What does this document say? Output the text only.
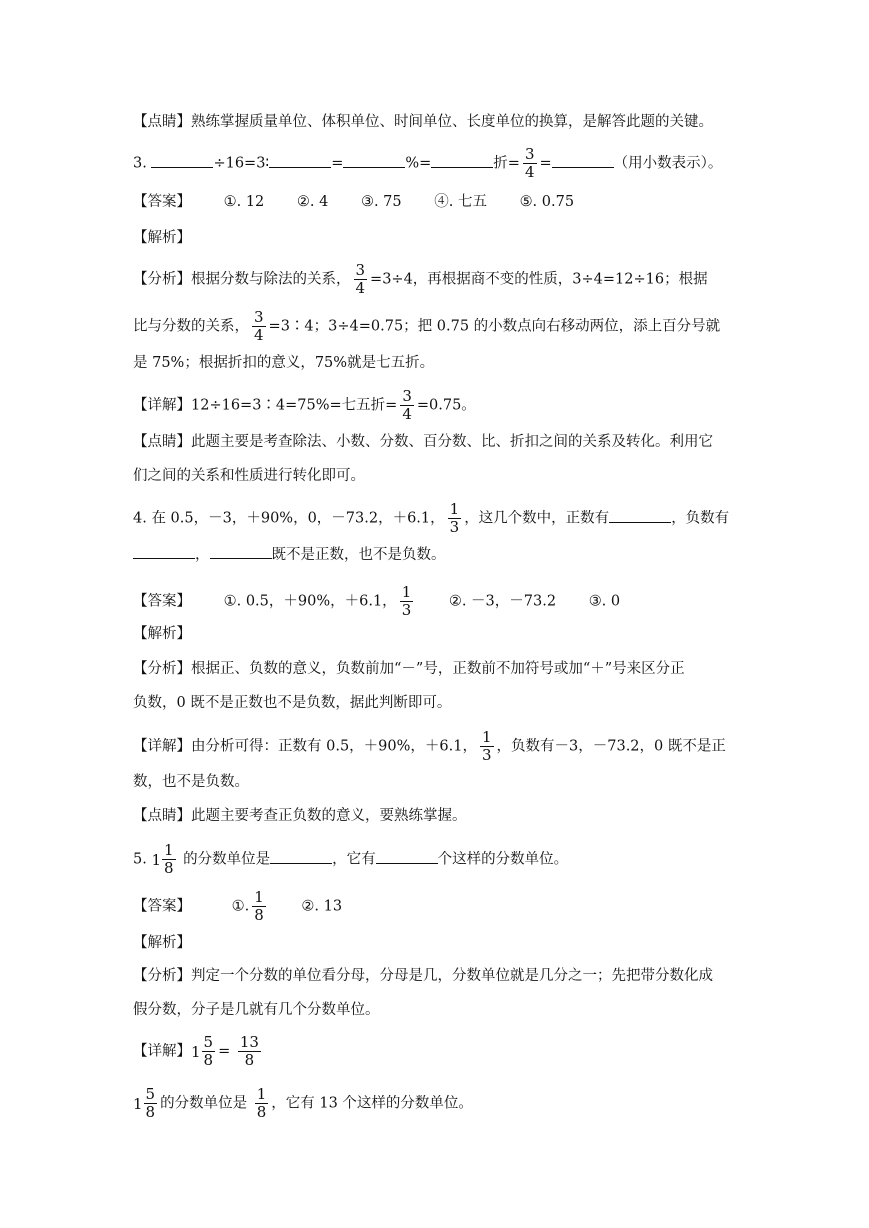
【点睛】熟练掌握质量单位、体积单位、时间单位、长度单位的换算，是解答此题的关键。
3.	÷16=3∶	=	%=	折= $\frac{3}{4}$ =	（用小数表示）。
【答案】 ①. 12 ②. 4 ③. 75 ④. 七五 ⑤. 0.75
【解析】
【分析】根据分数与除法的关系， $\frac{3}{4} =3\div 4$，再根据商不变的性质，3÷4=12÷16；根据
比与分数的关系， $\frac{3}{4}$ =3∶4；3÷4=0.75；把 0.75 的小数点向右移动两位，添上百分号就
是 75%；根据折扣的意义，75%就是七五折。
【详解】12÷16=3∶4=75%=七五折= $\frac{3}{4} =0.75$。
【点睛】此题主要是考查除法、小数、分数、百分数、比、折扣之间的关系及转化。利用它
们之间的关系和性质进行转化即可。
4. 在 0.5，－3，＋90%，0，－73.2，＋6.1， $\frac{1}{3}$ ，这几个数中，正数有	，负数有
，	既不是正数，也不是负数。
【答案】 ①. 0.5，＋90%，＋6.1， $\frac{1}{3}$ ②. －3，－73.2 ③. 0
【解析】
【分析】根据正、负数的意义，负数前加“－”号，正数前不加符号或加“＋”号来区分正
负数，0 既不是正数也不是负数，据此判断即可。
【详解】由分析可得：正数有 0.5，＋90%，＋6.1， $\frac{1}{3}$ ，负数有－3，－73.2，0 既不是正
数，也不是负数。
【点睛】此题主要考查正负数的意义，要熟练掌握。
5. $1 \frac{1}{8}$ 的分数单位是	，它有	个这样的分数单位。
【答案】	①. $\frac{1}{8}$ ②. 13
【解析】
【分析】判定一个分数的单位看分母，分母是几，分数单位就是几分之一；先把带分数化成
假分数，分子是几就有几个分数单位。
【详解】$1 \frac{5}{8} = \frac{13}{8}$
$1 \frac{5}{8}$ 的分数单位是 $\frac{1}{8}$ ，它有 13 个这样的分数单位。
